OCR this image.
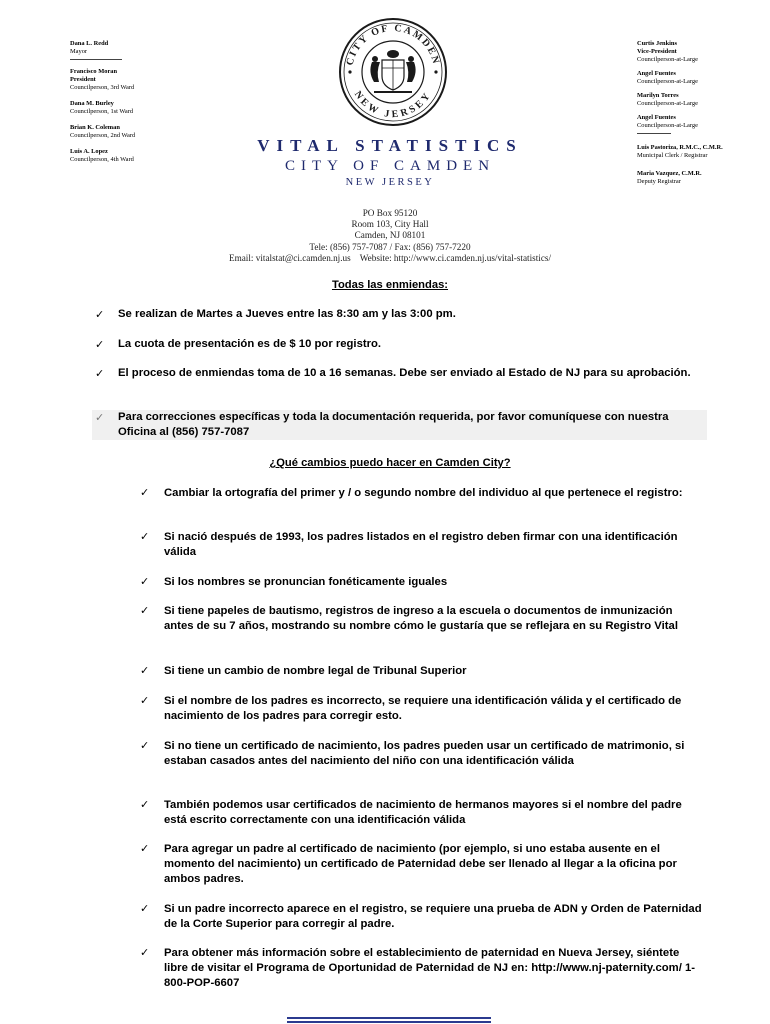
Dana L. Redd
Mayor
Francisco Moran
President
Councilperson, 3rd Ward
Dana M. Burley
Councilperson, 1st Ward
Brian K. Coleman
Councilperson, 2nd Ward
Luis A. Lopez
Councilperson, 4th Ward
Curtis Jenkins
Vice-President
Councilperson-at-Large
Angel Fuentes
Councilperson-at-Large
Marilyn Torres
Councilperson-at-Large
Angel Fuentes
Councilperson-at-Large
Luis Pastoriza, R.M.C., C.M.R.
Municipal Clerk / Registrar
Maria Vazquez, C.M.R.
Deputy Registrar
CITY OF CAMDEN
NEW JERSEY
VITAL STATISTICS
CITY OF CAMDEN
NEW JERSEY
PO Box 95120
Room 103, City Hall
Camden, NJ 08101
Tele: (856) 757-7087 / Fax: (856) 757-7220
Email: vitalstat@ci.camden.nj.us    Website: http://www.ci.camden.nj.us/vital-statistics/
Todas las enmiendas:
✓	Se realizan de Martes a Jueves entre las 8:30 am y las 3:00 pm.
✓	La cuota de presentación es de $ 10 por registro.
✓	El proceso de enmiendas toma de 10 a 16 semanas. Debe ser enviado al Estado de NJ para su aprobación.
✓	Para correcciones específicas y toda la documentación requerida, por favor comuníquese con nuestra Oficina al (856) 757-7087
¿Qué cambios puedo hacer en Camden City?
✓	Cambiar la ortografía del primer y / o segundo nombre del individuo al que pertenece el registro:
✓	Si nació después de 1993, los padres listados en el registro deben firmar con una identificación válida
✓	Si los nombres se pronuncian fonéticamente iguales
✓	Si tiene papeles de bautismo, registros de ingreso a la escuela o documentos de inmunización antes de su 7 años, mostrando su nombre cómo le gustaría que se reflejara en su Registro Vital
✓	Si tiene un cambio de nombre legal de Tribunal Superior
✓	Si el nombre de los padres es incorrecto, se requiere una identificación válida y el certificado de nacimiento de los padres para corregir esto.
✓	Si no tiene un certificado de nacimiento, los padres pueden usar un certificado de matrimonio, si estaban casados antes del nacimiento del niño con una identificación válida
✓	También podemos usar certificados de nacimiento de hermanos mayores si el nombre del padre está escrito correctamente con una identificación válida
✓	Para agregar un padre al certificado de nacimiento (por ejemplo, si uno estaba ausente en el momento del nacimiento) un certificado de Paternidad debe ser llenado al llegar a la oficina por ambos padres.
✓	Si un padre incorrecto aparece en el registro, se requiere una prueba de ADN y Orden de Paternidad de la Corte Superior para corregir al padre.
✓	Para obtener más información sobre el establecimiento de paternidad en Nueva Jersey, siéntete libre de visitar el Programa de Oportunidad de Paternidad de NJ en: http://www.nj-paternity.com/ 1-800-POP-6607
